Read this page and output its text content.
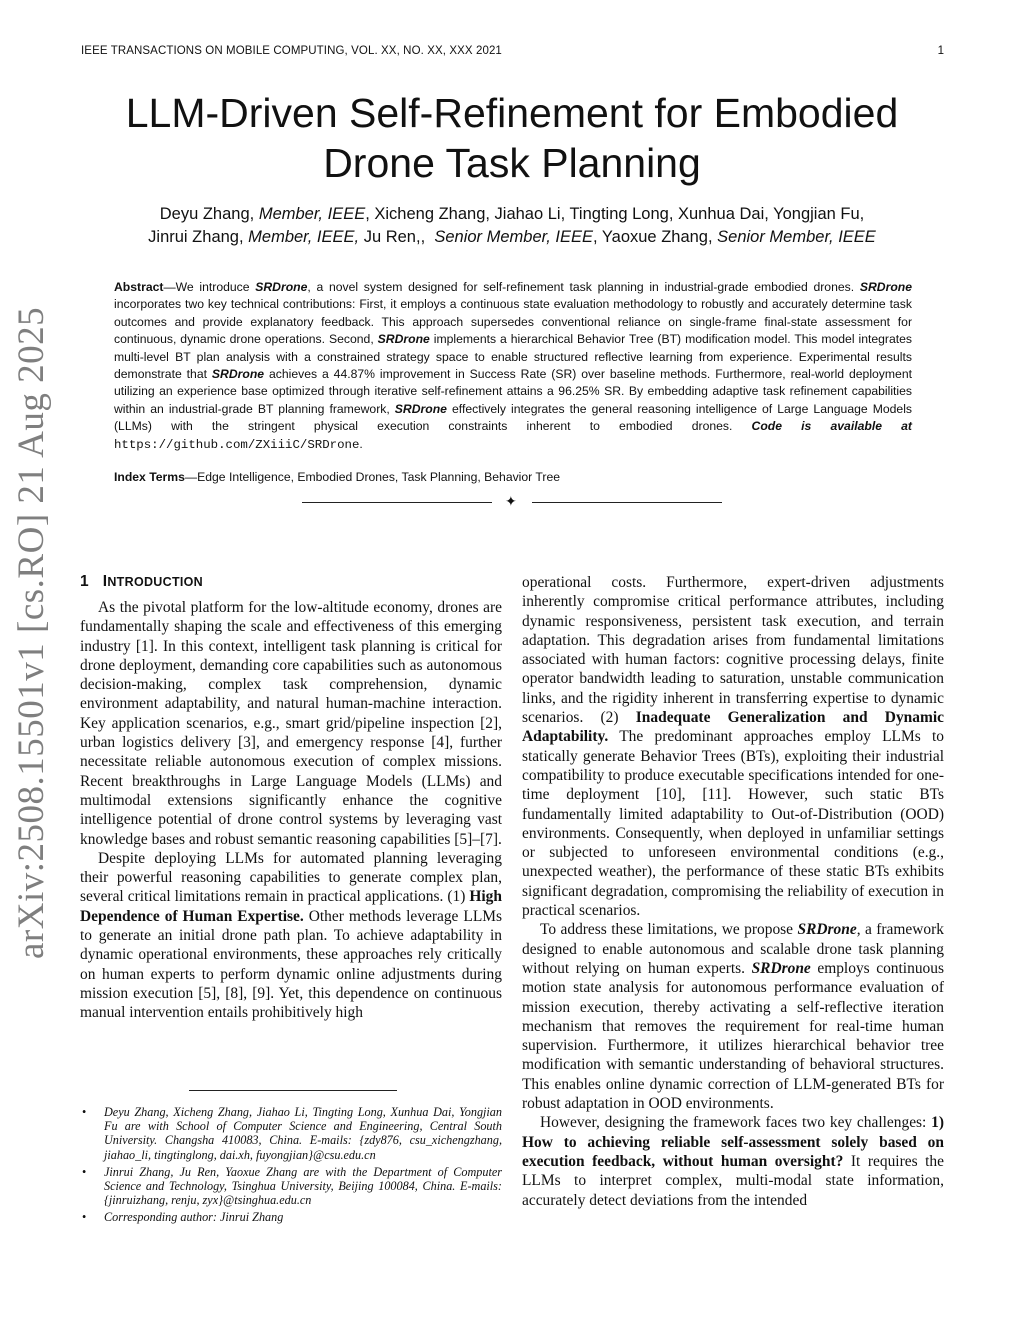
IEEE TRANSACTIONS ON MOBILE COMPUTING, VOL. XX, NO. XX, XXX 2021	1
LLM-Driven Self-Refinement for Embodied
Drone Task Planning
Deyu Zhang, Member, IEEE, Xicheng Zhang, Jiahao Li, Tingting Long, Xunhua Dai, Yongjian Fu,
Jinrui Zhang, Member, IEEE, Ju Ren,,  Senior Member, IEEE, Yaoxue Zhang, Senior Member, IEEE
Abstract—We introduce SRDrone, a novel system designed for self-refinement task planning in industrial-grade embodied drones. SRDrone incorporates two key technical contributions: First, it employs a continuous state evaluation methodology to robustly and accurately determine task outcomes and provide explanatory feedback. This approach supersedes conventional reliance on single-frame final-state assessment for continuous, dynamic drone operations. Second, SRDrone implements a hierarchical Behavior Tree (BT) modification model. This model integrates multi-level BT plan analysis with a constrained strategy space to enable structured reflective learning from experience. Experimental results demonstrate that SRDrone achieves a 44.87% improvement in Success Rate (SR) over baseline methods. Furthermore, real-world deployment utilizing an experience base optimized through iterative self-refinement attains a 96.25% SR. By embedding adaptive task refinement capabilities within an industrial-grade BT planning framework, SRDrone effectively integrates the general reasoning intelligence of Large Language Models (LLMs) with the stringent physical execution constraints inherent to embodied drones. Code is available at https://github.com/ZXiiiC/SRDrone.
Index Terms—Edge Intelligence, Embodied Drones, Task Planning, Behavior Tree
✦
arXiv:2508.15501v1 [cs.RO] 21 Aug 2025 1 INTRODUCTION

As the pivotal platform for the low-altitude economy, drones are fundamentally shaping the scale and effectiveness of this emerging industry [1]. In this context, intelligent task planning is critical for drone deployment, demanding core capabilities such as autonomous decision-making, complex task comprehension, dynamic environment adaptability, and natural human-machine interaction. Key application scenarios, e.g., smart grid/pipeline inspection [2], urban logistics delivery [3], and emergency response [4], further necessitate reliable autonomous execution of complex missions. Recent breakthroughs in Large Language Models (LLMs) and multimodal extensions significantly enhance the cognitive intelligence potential of drone control systems by leveraging vast knowledge bases and robust semantic reasoning capabilities [5]–[7].

Despite deploying LLMs for automated planning leveraging their powerful reasoning capabilities to generate complex plan, several critical limitations remain in practical applications. (1) High Dependence of Human Expertise. Other methods leverage LLMs to generate an initial drone path plan. To achieve adaptability in dynamic operational environments, these approaches rely critically on human experts to perform dynamic online adjustments during mission execution [5], [8], [9]. Yet, this dependence on continuous manual intervention entails prohibitively high

operational costs. Furthermore, expert-driven adjustments inherently compromise critical performance attributes, including dynamic responsiveness, persistent task execution, and terrain adaptation. This degradation arises from fundamental limitations associated with human factors: cognitive processing delays, finite operator bandwidth leading to saturation, unstable communication links, and the rigidity inherent in transferring expertise to dynamic scenarios. (2) Inadequate Generalization and Dynamic Adaptability. The predominant approaches employ LLMs to statically generate Behavior Trees (BTs), exploiting their industrial compatibility to produce executable specifications intended for one-time deployment [10], [11]. However, such static BTs fundamentally limited adaptability to Out-of-Distribution (OOD) environments. Consequently, when deployed in unfamiliar settings or subjected to unforeseen environmental conditions (e.g., unexpected weather), the performance of these static BTs exhibits significant degradation, compromising the reliability of execution in practical scenarios.

To address these limitations, we propose SRDrone, a framework designed to enable autonomous and scalable drone task planning without relying on human experts. SRDrone employs continuous motion state analysis for autonomous performance evaluation of mission execution, thereby activating a self-reflective iteration mechanism that removes the requirement for real-time human supervision. Furthermore, it utilizes hierarchical behavior tree modification with semantic understanding of behavioral structures. This enables online dynamic correction of LLM-generated BTs for robust adaptation in OOD environments.

However, designing the framework faces two key challenges: 1) How to achieving reliable self-assessment solely based on execution feedback, without human oversight? It requires the LLMs to interpret complex, multi-modal state information, accurately detect deviations from the intended

• Deyu Zhang, Xicheng Zhang, Jiahao Li, Tingting Long, Xunhua Dai, Yongjian Fu are with School of Computer Science and Engineering, Central South University. Changsha 410083, China. E-mails: {zdy876, csu_xichengzhang, jiahao_li, tingtinglong, dai.xh, fuyongjian}@csu.edu.cn
• Jinrui Zhang, Ju Ren, Yaoxue Zhang are with the Department of Computer Science and Technology, Tsinghua University, Beijing 100084, China. E-mails: {jinruizhang, renju, zyx}@tsinghua.edu.cn
• Corresponding author: Jinrui Zhang
